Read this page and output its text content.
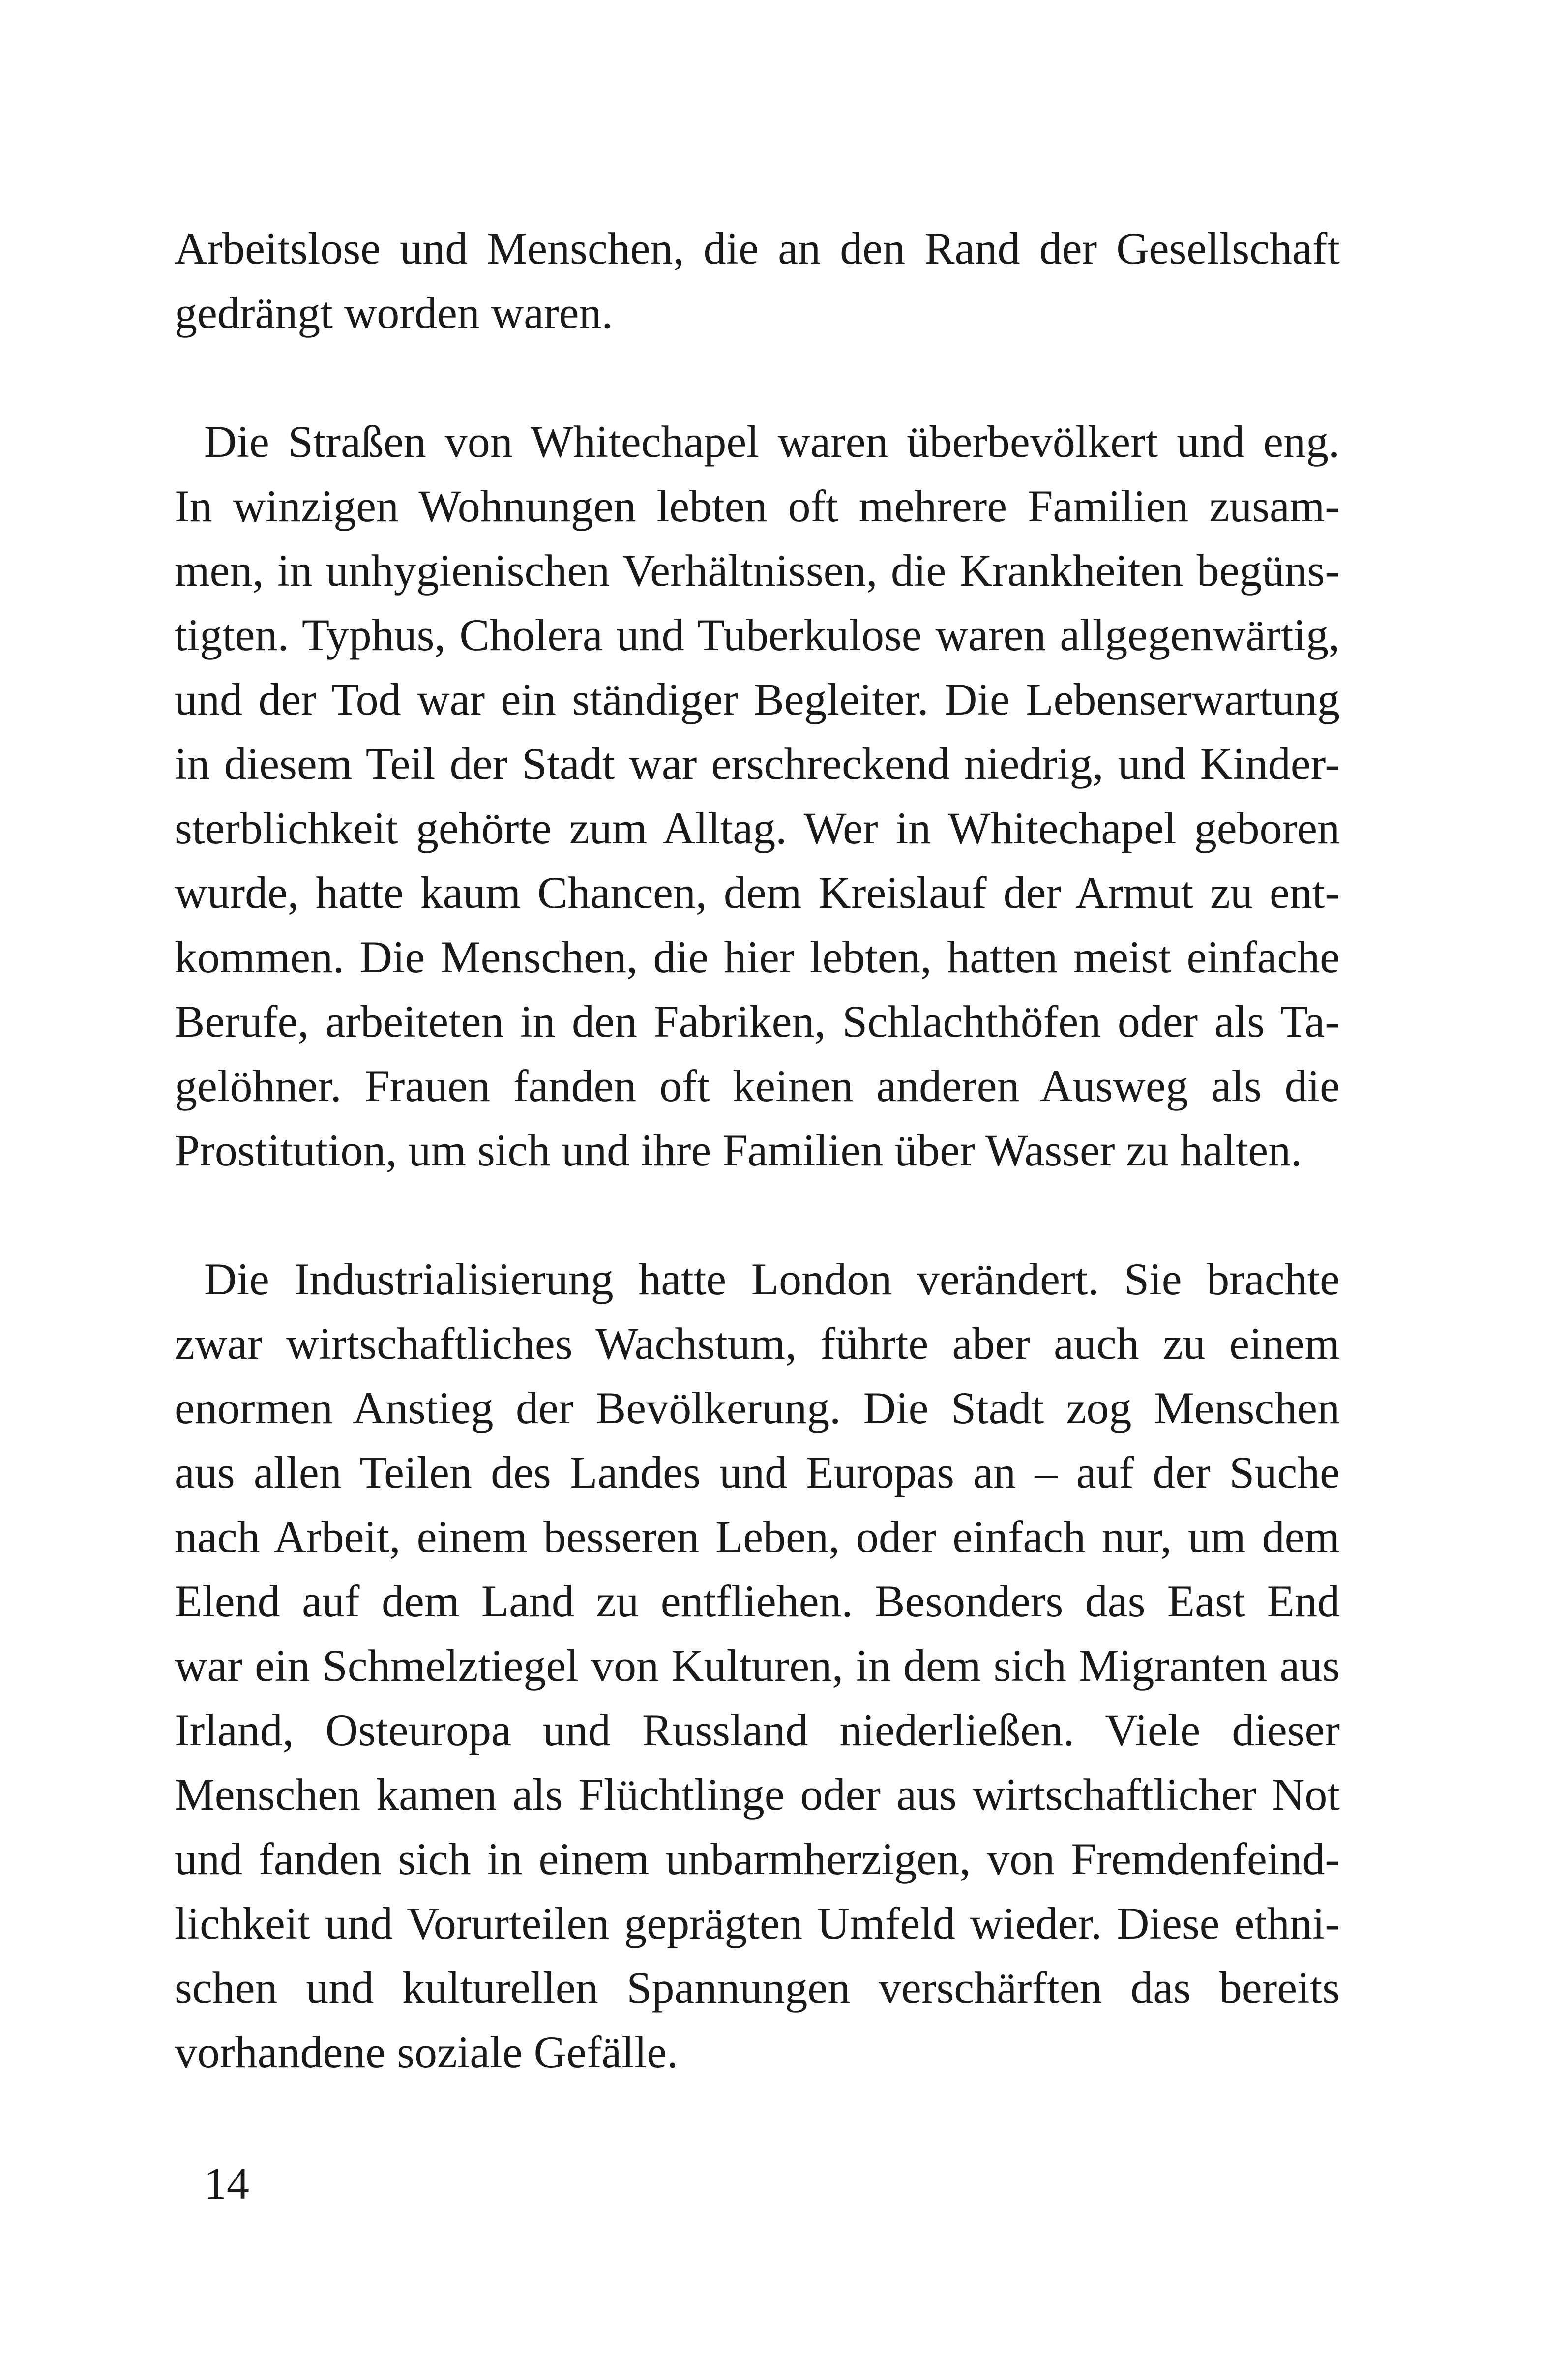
Arbeitslose und Menschen, die an den Rand der Gesellschaft
gedrängt worden waren.

Die Straßen von Whitechapel waren überbevölkert und eng.
In winzigen Wohnungen lebten oft mehrere Familien zusam-
men, in unhygienischen Verhältnissen, die Krankheiten begüns-
tigten. Typhus, Cholera und Tuberkulose waren allgegenwärtig,
und der Tod war ein ständiger Begleiter. Die Lebenserwartung
in diesem Teil der Stadt war erschreckend niedrig, und Kinder-
sterblichkeit gehörte zum Alltag. Wer in Whitechapel geboren
wurde, hatte kaum Chancen, dem Kreislauf der Armut zu ent-
kommen. Die Menschen, die hier lebten, hatten meist einfache
Berufe, arbeiteten in den Fabriken, Schlachthöfen oder als Ta-
gelöhner. Frauen fanden oft keinen anderen Ausweg als die
Prostitution, um sich und ihre Familien über Wasser zu halten.

Die Industrialisierung hatte London verändert. Sie brachte
zwar wirtschaftliches Wachstum, führte aber auch zu einem
enormen Anstieg der Bevölkerung. Die Stadt zog Menschen
aus allen Teilen des Landes und Europas an – auf der Suche
nach Arbeit, einem besseren Leben, oder einfach nur, um dem
Elend auf dem Land zu entfliehen. Besonders das East End
war ein Schmelztiegel von Kulturen, in dem sich Migranten aus
Irland, Osteuropa und Russland niederließen. Viele dieser
Menschen kamen als Flüchtlinge oder aus wirtschaftlicher Not
und fanden sich in einem unbarmherzigen, von Fremdenfeind-
lichkeit und Vorurteilen geprägten Umfeld wieder. Diese ethni-
schen und kulturellen Spannungen verschärften das bereits
vorhandene soziale Gefälle.

14
